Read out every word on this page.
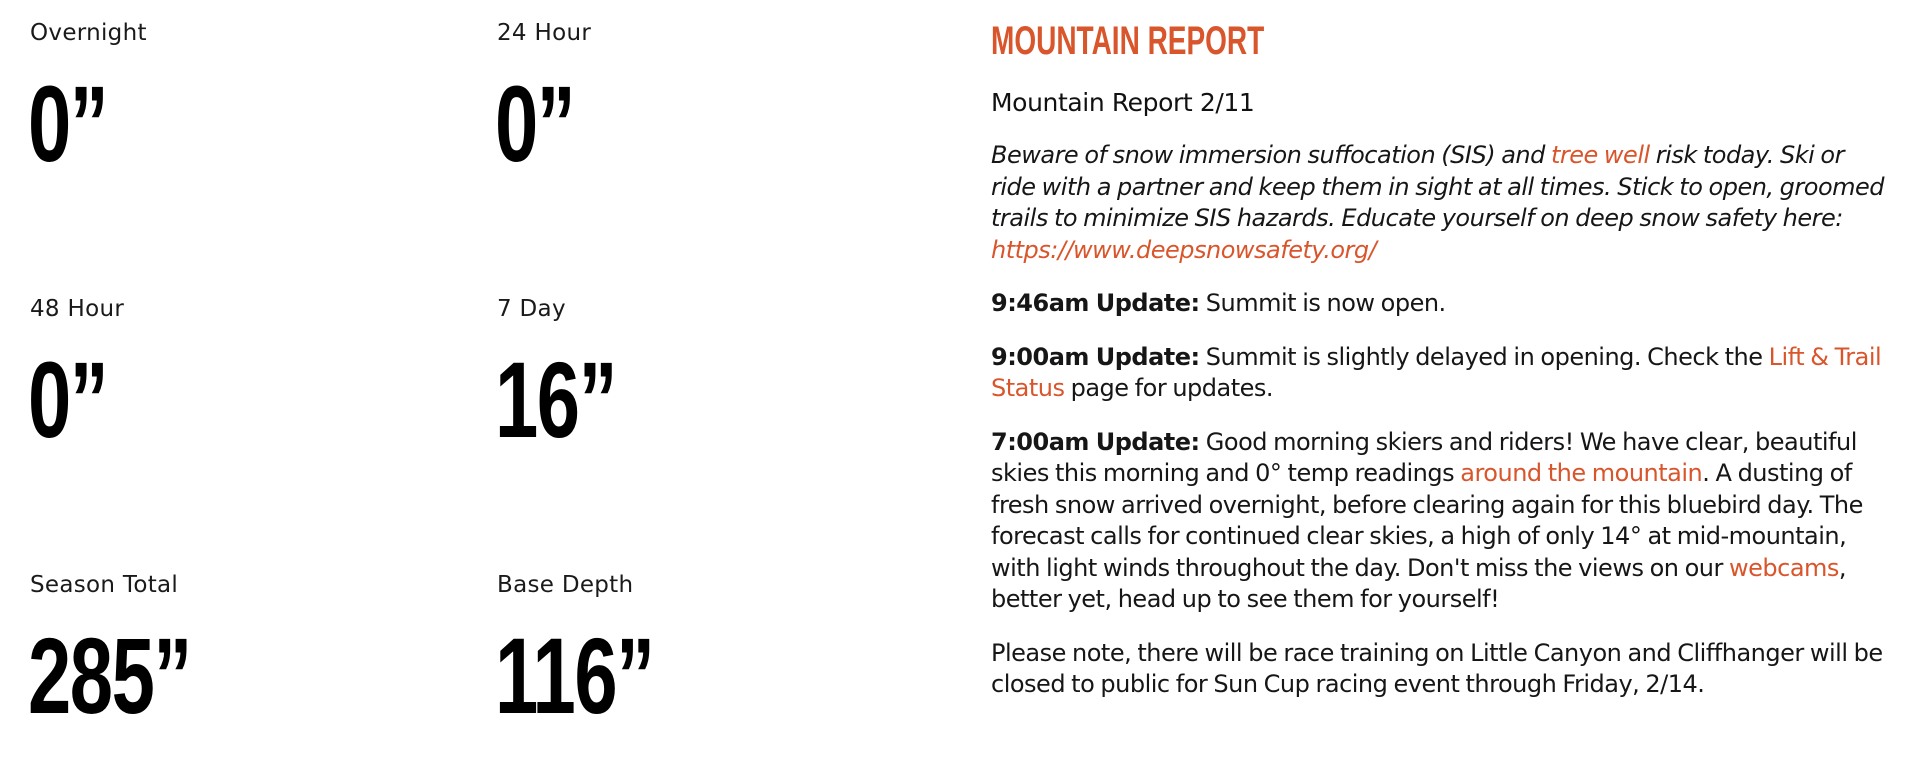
Overnight
0”
24 Hour
0”
48 Hour
0”
7 Day
16”
Season Total
285”
Base Depth
116”
MOUNTAIN REPORT
Mountain Report 2/11
Beware of snow immersion suffocation (SIS) and tree well risk today. Ski or ride with a partner and keep them in sight at all times. Stick to open, groomed trails to minimize SIS hazards. Educate yourself on deep snow safety here: https://www.deepsnowsafety.org/
9:46am Update: Summit is now open.
9:00am Update: Summit is slightly delayed in opening. Check the Lift & Trail Status page for updates.
7:00am Update: Good morning skiers and riders! We have clear, beautiful skies this morning and 0° temp readings around the mountain. A dusting of fresh snow arrived overnight, before clearing again for this bluebird day. The forecast calls for continued clear skies, a high of only 14° at mid-mountain, with light winds throughout the day. Don't miss the views on our webcams, better yet, head up to see them for yourself!
Please note, there will be race training on Little Canyon and Cliffhanger will be closed to public for Sun Cup racing event through Friday, 2/14.
